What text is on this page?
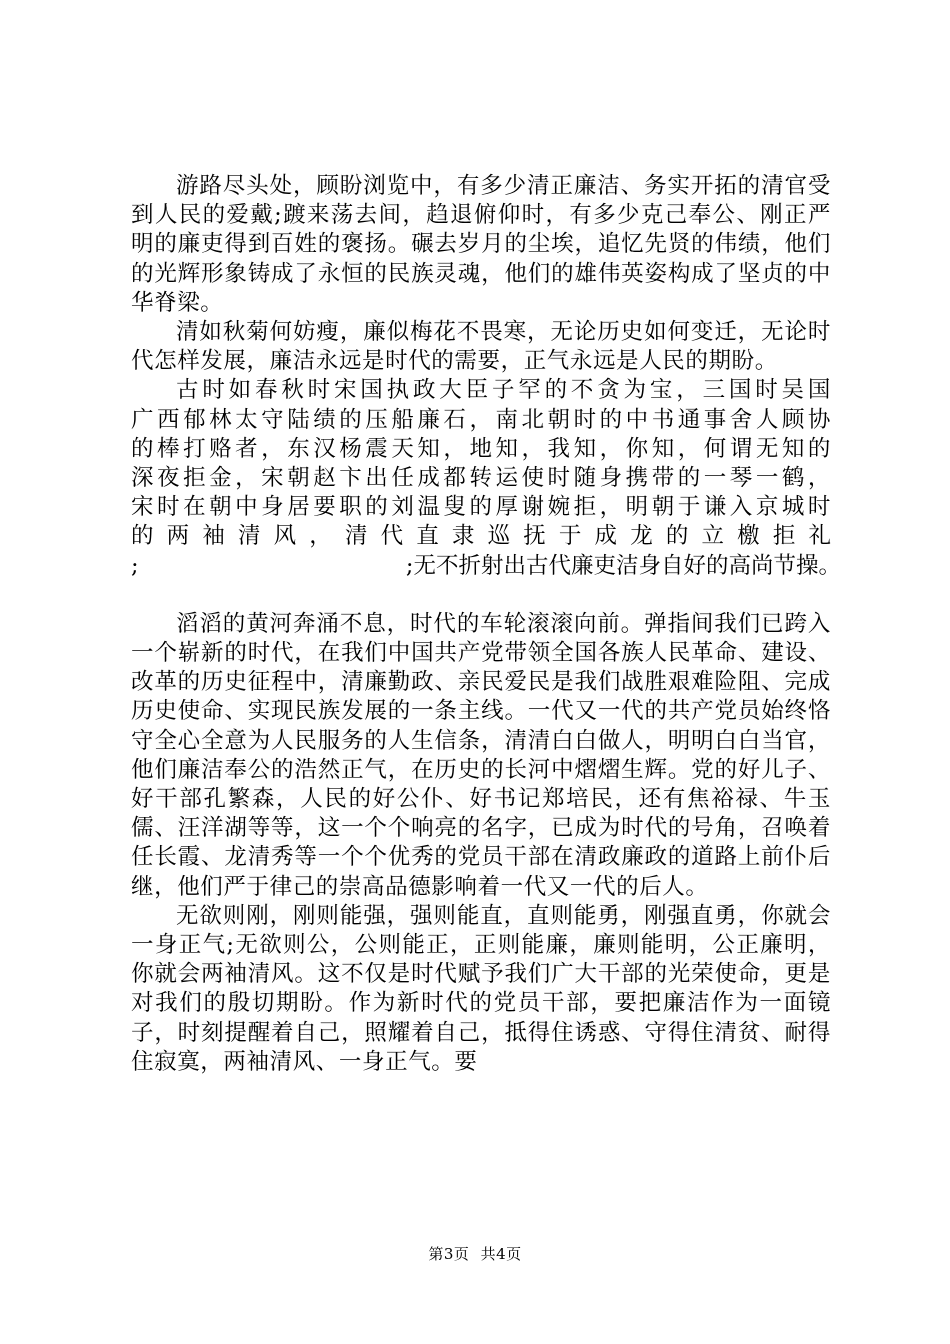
游路尽头处，顾盼浏览中，有多少清正廉洁、务实开拓的清官受到人民的爱戴;踱来荡去间，趋退俯仰时，有多少克己奉公、刚正严明的廉吏得到百姓的褒扬。碾去岁月的尘埃，追忆先贤的伟绩，他们的光辉形象铸成了永恒的民族灵魂，他们的雄伟英姿构成了坚贞的中华脊梁。

清如秋菊何妨瘦，廉似梅花不畏寒，无论历史如何变迁，无论时代怎样发展，廉洁永远是时代的需要，正气永远是人民的期盼。

古时如春秋时宋国执政大臣子罕的不贪为宝，三国时吴国
广西郁林太守陆绩的压船廉石，南北朝时的中书通事舍人顾协
的棒打赂者，东汉杨震天知，地知，我知，你知，何谓无知的
深夜拒金，宋朝赵卞出任成都转运使时随身携带的一琴一鹤，
宋时在朝中身居要职的刘温叟的厚谢婉拒，明朝于谦入京城时
的两袖清风，清代直隶巡抚于成龙的立檄拒礼
;	;无不折射出古代廉吏洁身自好的高尚节操。

滔滔的黄河奔涌不息，时代的车轮滚滚向前。弹指间我们已跨入一个崭新的时代，在我们中国共产党带领全国各族人民革命、建设、改革的历史征程中，清廉勤政、亲民爱民是我们战胜艰难险阻、完成历史使命、实现民族发展的一条主线。一代又一代的共产党员始终恪守全心全意为人民服务的人生信条，清清白白做人，明明白白当官，他们廉洁奉公的浩然正气，在历史的长河中熠熠生辉。党的好儿子、好干部孔繁森，人民的好公仆、好书记郑培民，还有焦裕禄、牛玉儒、汪洋湖等等，这一个个响亮的名字，已成为时代的号角，召唤着任长霞、龙清秀等一个个优秀的党员干部在清政廉政的道路上前仆后继，他们严于律己的崇高品德影响着一代又一代的后人。

无欲则刚，刚则能强，强则能直，直则能勇，刚强直勇，你就会一身正气;无欲则公，公则能正，正则能廉，廉则能明，公正廉明，你就会两袖清风。这不仅是时代赋予我们广大干部的光荣使命，更是对我们的殷切期盼。作为新时代的党员干部，要把廉洁作为一面镜子，时刻提醒着自己，照耀着自己，抵得住诱惑、守得住清贫、耐得住寂寞，两袖清风、一身正气。要

第3页 共4页
